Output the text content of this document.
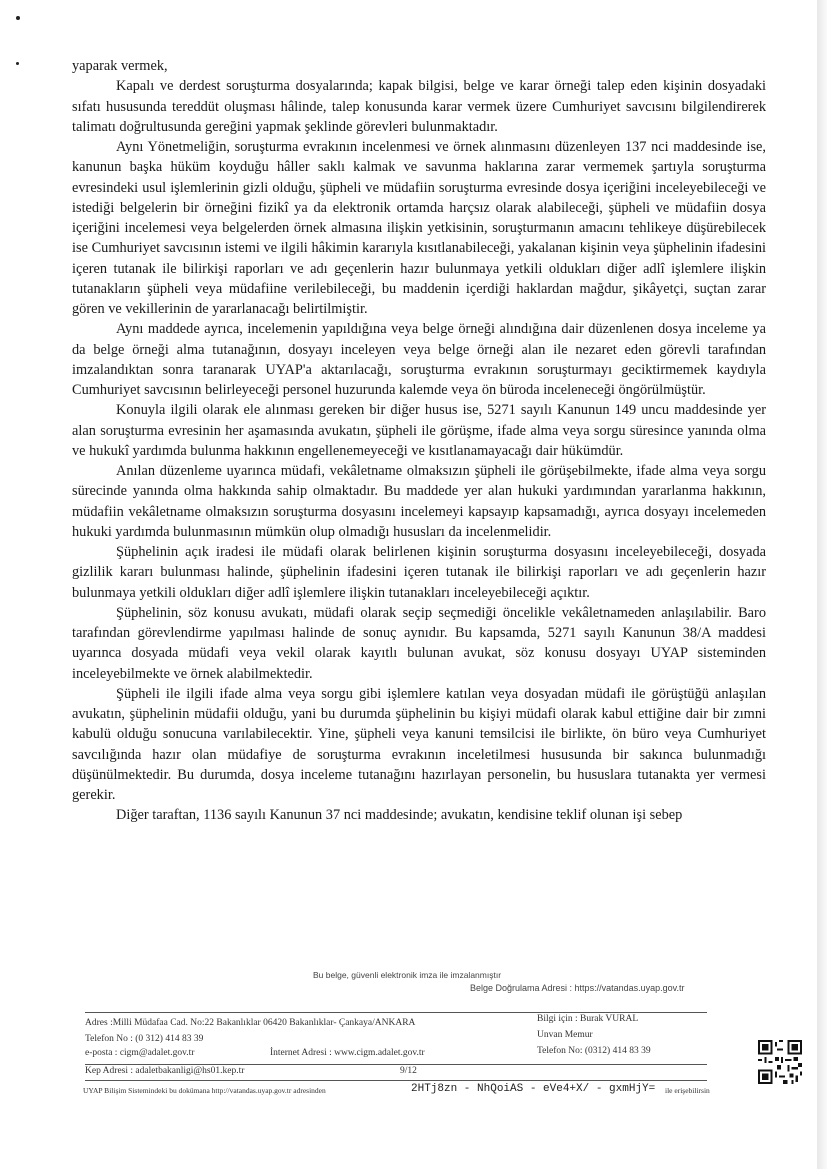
yaparak vermek,

Kapalı ve derdest soruşturma dosyalarında; kapak bilgisi, belge ve karar örneği talep eden kişinin dosyadaki sıfatı hususunda tereddüt oluşması hâlinde, talep konusunda karar vermek üzere Cumhuriyet savcısını bilgilendirerek talimatı doğrultusunda gereğini yapmak şeklinde görevleri bulunmaktadır.

Aynı Yönetmeliğin, soruşturma evrakının incelenmesi ve örnek alınmasını düzenleyen 137 nci maddesinde ise, kanunun başka hüküm koyduğu hâller saklı kalmak ve savunma haklarına zarar vermemek şartıyla soruşturma evresindeki usul işlemlerinin gizli olduğu, şüpheli ve müdafiin soruşturma evresinde dosya içeriğini inceleyebileceği ve istediği belgelerin bir örneğini fizikî ya da elektronik ortamda harçsız olarak alabileceği, şüpheli ve müdafiin dosya içeriğini incelemesi veya belgelerden örnek almasına ilişkin yetkisinin, soruşturmanın amacını tehlikeye düşürebilecek ise Cumhuriyet savcısının istemi ve ilgili hâkimin kararıyla kısıtlanabileceği, yakalanan kişinin veya şüphelinin ifadesini içeren tutanak ile bilirkişi raporları ve adı geçenlerin hazır bulunmaya yetkili oldukları diğer adlî işlemlere ilişkin tutanakların şüpheli veya müdafiine verilebileceği, bu maddenin içerdiği haklardan mağdur, şikâyetçi, suçtan zarar gören ve vekillerinin de yararlanacağı belirtilmiştir.

Aynı maddede ayrıca, incelemenin yapıldığına veya belge örneği alındığına dair düzenlenen dosya inceleme ya da belge örneği alma tutanağının, dosyayı inceleyen veya belge örneği alan ile nezaret eden görevli tarafından imzalandıktan sonra taranarak UYAP'a aktarılacağı, soruşturma evrakının soruşturmayı geciktirmemek kaydıyla Cumhuriyet savcısının belirleyeceği personel huzurunda kalemde veya ön büroda inceleneceği öngörülmüştür.

Konuyla ilgili olarak ele alınması gereken bir diğer husus ise, 5271 sayılı Kanunun 149 uncu maddesinde yer alan soruşturma evresinin her aşamasında avukatın, şüpheli ile görüşme, ifade alma veya sorgu süresince yanında olma ve hukukî yardımda bulunma hakkının engellenemeyeceği ve kısıtlanamayacağı dair hükümdür.

Anılan düzenleme uyarınca müdafi, vekâletname olmaksızın şüpheli ile görüşebilmekte, ifade alma veya sorgu sürecinde yanında olma hakkında sahip olmaktadır. Bu maddede yer alan hukuki yardımından yararlanma hakkının, müdafiin vekâletname olmaksızın soruşturma dosyasını incelemeyi kapsayıp kapsamadığı, ayrıca dosyayı incelemeden hukuki yardımda bulunmasının mümkün olup olmadığı hususları da incelenmelidir.

Şüphelinin açık iradesi ile müdafi olarak belirlenen kişinin soruşturma dosyasını inceleyebileceği, dosyada gizlilik kararı bulunması halinde, şüphelinin ifadesini içeren tutanak ile bilirkişi raporları ve adı geçenlerin hazır bulunmaya yetkili oldukları diğer adlî işlemlere ilişkin tutanakları inceleyebileceği açıktır.

Şüphelinin, söz konusu avukatı, müdafi olarak seçip seçmediği öncelikle vekâletnameden anlaşılabilir. Baro tarafından görevlendirme yapılması halinde de sonuç aynıdır. Bu kapsamda, 5271 sayılı Kanunun 38/A maddesi uyarınca dosyada müdafi veya vekil olarak kayıtlı bulunan avukat, söz konusu dosyayı UYAP sisteminden inceleyebilmekte ve örnek alabilmektedir.

Şüpheli ile ilgili ifade alma veya sorgu gibi işlemlere katılan veya dosyadan müdafi ile görüştüğü anlaşılan avukatın, şüphelinin müdafii olduğu, yani bu durumda şüphelinin bu kişiyi müdafi olarak kabul ettiğine dair bir zımni kabulü olduğu sonucuna varılabilecektir. Yine, şüpheli veya kanuni temsilcisi ile birlikte, ön büro veya Cumhuriyet savcılığında hazır olan müdafiye de soruşturma evrakının inceletilmesi hususunda bir sakınca bulunmadığı düşünülmektedir. Bu durumda, dosya inceleme tutanağını hazırlayan personelin, bu hususlara tutanakta yer vermesi gerekir.

Diğer taraftan, 1136 sayılı Kanunun 37 nci maddesinde; avukatın, kendisine teklif olunan işi sebep

Bu belge, güvenli elektronik imza ile imzalanmıştır
Belge Doğrulama Adresi : https://vatandas.uyap.gov.tr
Adres :Milli Müdafaa Cad. No:22 Bakanlıklar 06420 Bakanlıklar- Çankaya/ANKARA	Bilgi için : Burak VURAL
Unvan Memur
Telefon No : (0 312) 414 83 39
e-posta : cigm@adalet.gov.tr	İnternet Adresi : www.cigm.adalet.gov.tr	Telefon No: (0312) 414 83 39
Kep Adresi : adaletbakanligi@hs01.kep.tr	9/12
UYAP Bilişim Sistemindeki bu dokümana http://vatandas.uyap.gov.tr adresinden	2HTj8zn - NhQoiAS - eVe4+X/ - gxmHjY= ile erişebilirsin
